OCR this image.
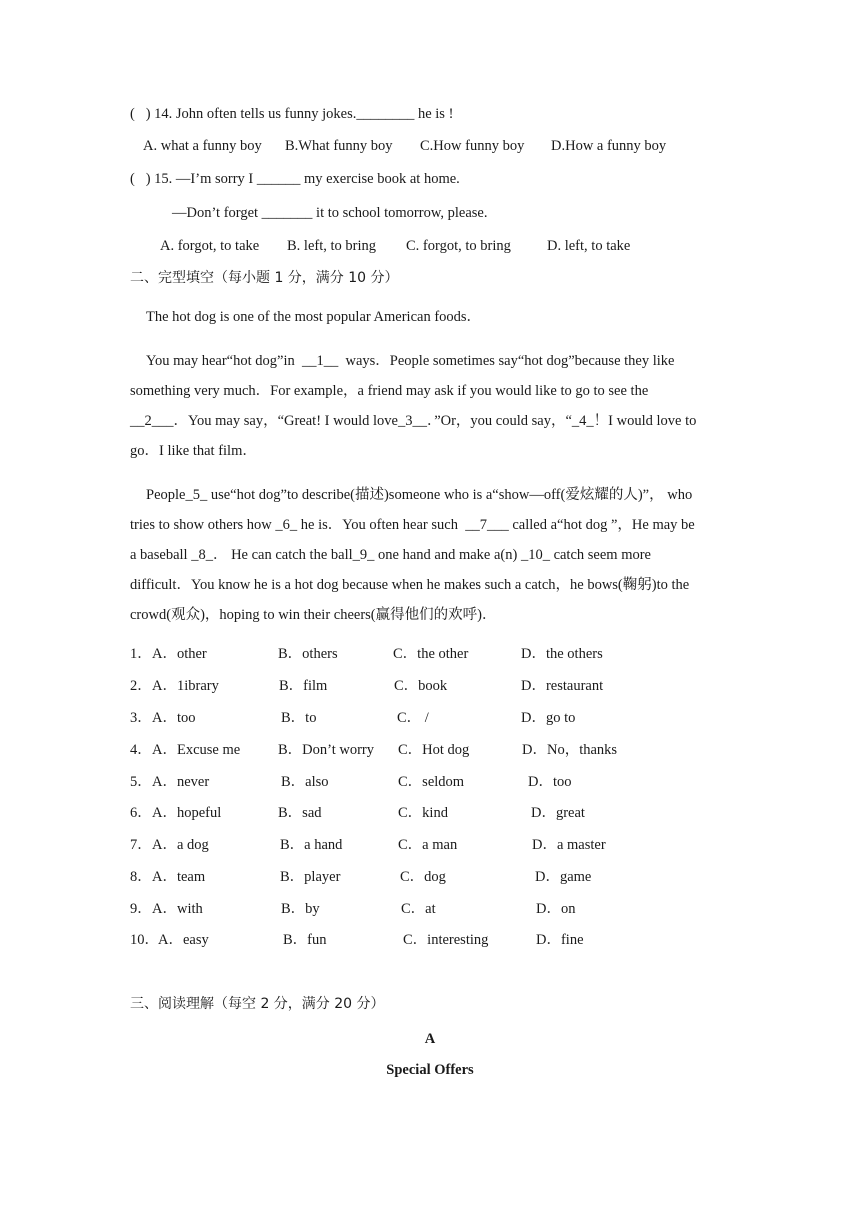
(   ) 14. John often tells us funny jokes.________ he is !
A. what a funny boy B.What funny boy C.How funny boy D.How a funny boy
(   ) 15. —I’m sorry I ______ my exercise book at home.
—Don’t forget _______ it to school tomorrow, please.
A. forgot, to take B. left, to bring C. forgot, to bring D. left, to take
二、完型填空（每小题 1 分，满分 10 分）
The hot dog is one of the most popular American foods．
You may hear“hot dog”in  __1__  ways．People sometimes say“hot dog”because they like
something very much．For example，a friend may ask if you would like to go to see the
__2___．You may say，“Great! I would love_3__．”Or，you could say，“_4_！I would love to
go．I like that film．
People_5_ use“hot dog”to describe(描述)someone who is a“show—off(爱炫耀的人)”， who
tries to show others how _6_ he is．You often hear such  __7___ called a“hot dog ”，He may be
a baseball _8_． He can catch the ball_9_ one hand and make a(n) _10_ catch seem more
difficult．You know he is a hot dog because when he makes such a catch，he bows(鞠躬)to the
crowd(观众)，hoping to win their cheers(赢得他们的欢呼)．
1． A．other	B．others	C．the other	D．the others
2． A．1ibrary	B．film	C．book	D．restaurant
3． A．too	B．to	C． /	D．go to
4． A．Excuse me	B．Don’t worry C．Hot dog	D．No，thanks
5． A．never	B．also	C．seldom	D．too
6． A．hopeful	B．sad	C．kind	D．great
7． A．a dog	B．a hand	C．a man	D．a master
8． A．team	B．player	C．dog	D．game
9． A．with	B．by	C．at	D．on
10． A．easy	B．fun	C．interesting	D．fine
三、阅读理解（每空 2 分，满分 20 分）
A
Special Offers
